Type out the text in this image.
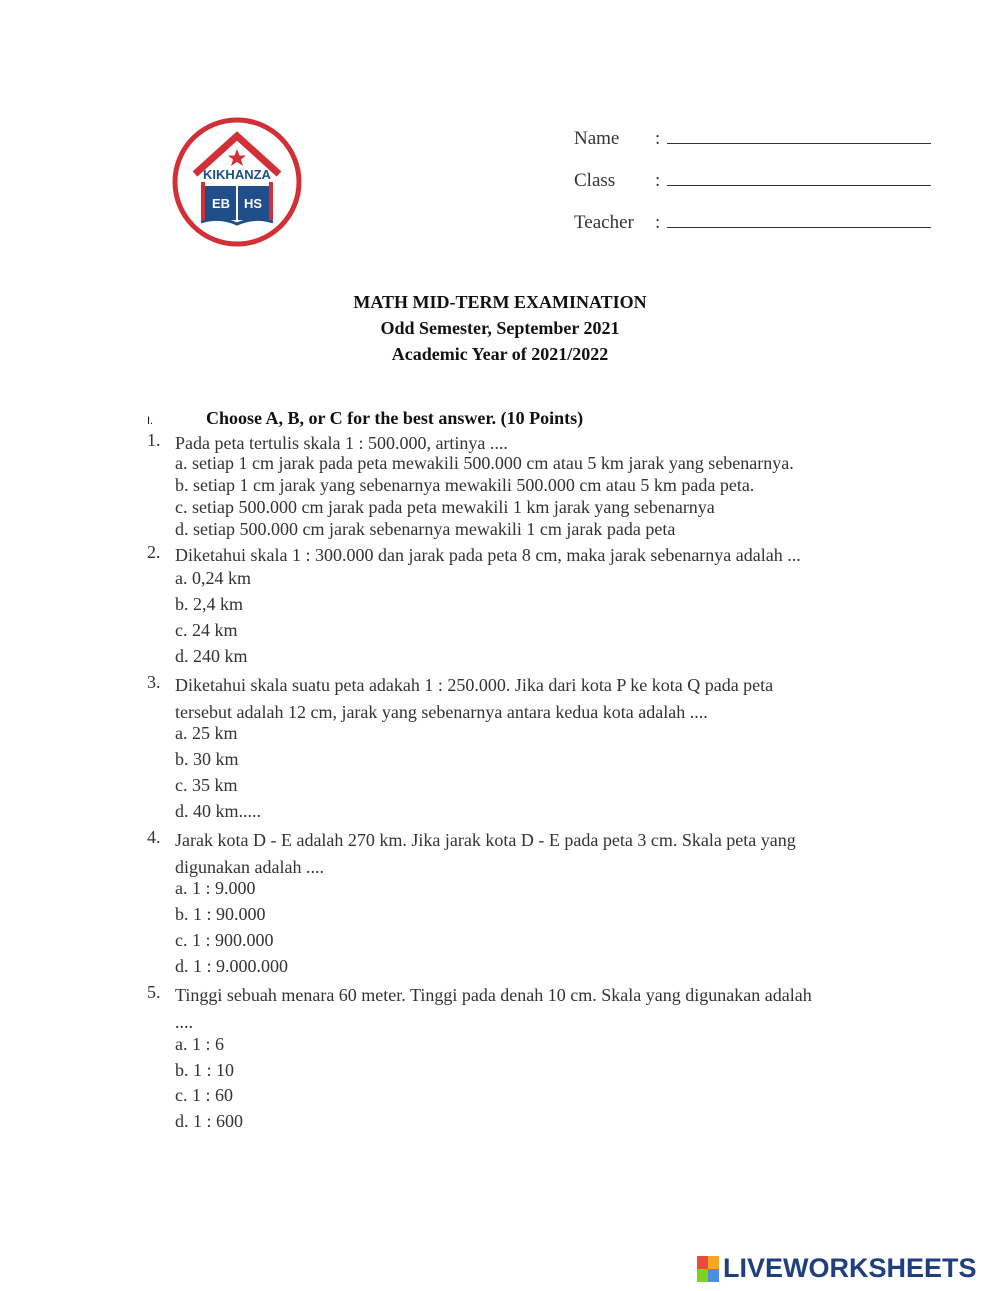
KIKHANZA
EB HS
Name	:
Class	:
Teacher	:
MATH MID-TERM EXAMINATION
Odd Semester, September 2021
Academic Year of 2021/2022
I.	Choose A, B, or C for the best answer. (10 Points)
1. Pada peta tertulis skala 1 : 500.000, artinya ....
a. setiap 1 cm jarak pada peta mewakili 500.000 cm atau 5 km jarak yang sebenarnya.
b. setiap 1 cm jarak yang sebenarnya mewakili 500.000 cm atau 5 km pada peta.
c. setiap 500.000 cm jarak pada peta mewakili 1 km jarak yang sebenarnya
d. setiap 500.000 cm jarak sebenarnya mewakili 1 cm jarak pada peta
2. Diketahui skala 1 : 300.000 dan jarak pada peta 8 cm, maka jarak sebenarnya adalah ...
a. 0,24 km
b. 2,4 km
c. 24 km
d. 240 km
3. Diketahui skala suatu peta adakah 1 : 250.000. Jika dari kota P ke kota Q pada peta
tersebut adalah 12 cm, jarak yang sebenarnya antara kedua kota adalah ....
a. 25 km
b. 30 km
c. 35 km
d. 40 km.....
4. Jarak kota D - E adalah 270 km. Jika jarak kota D - E pada peta 3 cm. Skala peta yang
digunakan adalah ....
a. 1 : 9.000
b. 1 : 90.000
c. 1 : 900.000
d. 1 : 9.000.000
5. Tinggi sebuah menara 60 meter. Tinggi pada denah 10 cm. Skala yang digunakan adalah
....
a. 1 : 6
b. 1 : 10
c. 1 : 60
d. 1 : 600
LIVEWORKSHEETS
